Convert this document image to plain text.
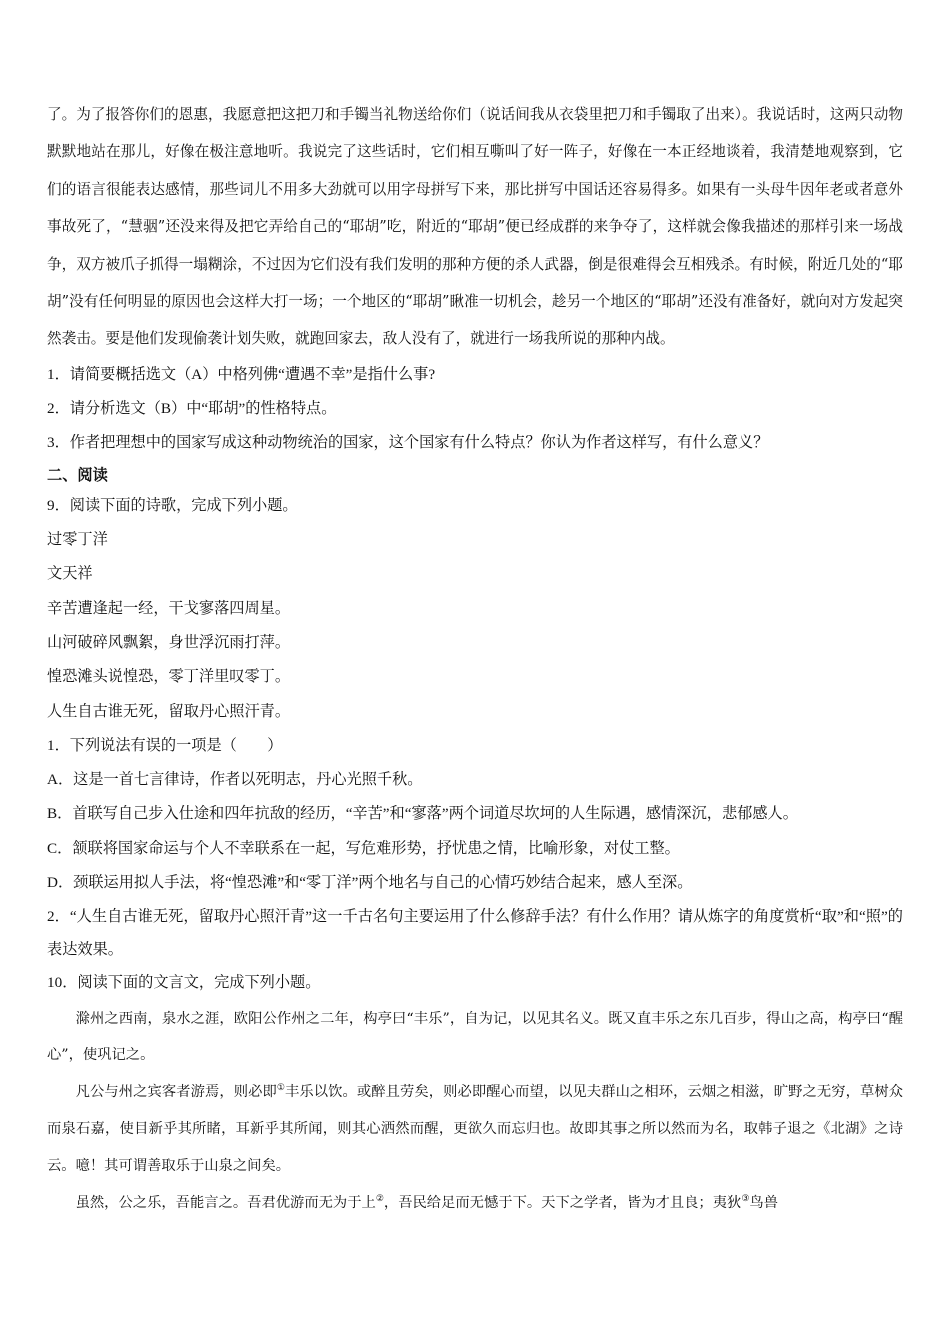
了。为了报答你们的恩惠，我愿意把这把刀和手镯当礼物送给你们（说话间我从衣袋里把刀和手镯取了出来）。我说话时，这两只动物默默地站在那儿，好像在极注意地听。我说完了这些话时，它们相互嘶叫了好一阵子，好像在一本正经地谈着，我清楚地观察到，它们的语言很能表达感情，那些词儿不用多大劲就可以用字母拼写下来，那比拼写中国话还容易得多。如果有一头母牛因年老或者意外事故死了，“慧骃”还没来得及把它弄给自己的“耶胡”吃，附近的“耶胡”便已经成群的来争夺了，这样就会像我描述的那样引来一场战争，双方被爪子抓得一塌糊涂，不过因为它们没有我们发明的那种方便的杀人武器，倒是很难得会互相残杀。有时候，附近几处的“耶胡”没有任何明显的原因也会这样大打一场；一个地区的“耶胡”瞅准一切机会，趁另一个地区的“耶胡”还没有准备好，就向对方发起突然袭击。要是他们发现偷袭计划失败，就跑回家去，敌人没有了，就进行一场我所说的那种内战。

1．请简要概括选文（A）中格列佛“遭遇不幸”是指什么事?
2．请分析选文（B）中“耶胡”的性格特点。
3．作者把理想中的国家写成这种动物统治的国家，这个国家有什么特点？你认为作者这样写，有什么意义？
二、阅读
9．阅读下面的诗歌，完成下列小题。
过零丁洋
文天祥
辛苦遭逢起一经，干戈寥落四周星。
山河破碎风飘絮，身世浮沉雨打萍。
惶恐滩头说惶恐，零丁洋里叹零丁。
人生自古谁无死，留取丹心照汗青。
1．下列说法有误的一项是（　　）
A．这是一首七言律诗，作者以死明志，丹心光照千秋。
B．首联写自己步入仕途和四年抗敌的经历，“辛苦”和“寥落”两个词道尽坎坷的人生际遇，感情深沉，悲郁感人。
C．颔联将国家命运与个人不幸联系在一起，写危难形势，抒忧患之情，比喻形象，对仗工整。
D．颈联运用拟人手法，将“惶恐滩”和“零丁洋”两个地名与自己的心情巧妙结合起来，感人至深。
2．“人生自古谁无死，留取丹心照汗青”这一千古名句主要运用了什么修辞手法？有什么作用？请从炼字的角度赏析“取”和“照”的表达效果。
10．阅读下面的文言文，完成下列小题。

滁州之西南，泉水之涯，欧阳公作州之二年，构亭曰“丰乐”，自为记，以见其名义。既又直丰乐之东几百步，得山之高，构亭曰“醒心”，使巩记之。

凡公与州之宾客者游焉，则必即①丰乐以饮。或醉且劳矣，则必即醒心而望，以见夫群山之相环，云烟之相滋，旷野之无穷，草树众而泉石嘉，使目新乎其所睹，耳新乎其所闻，则其心洒然而醒，更欲久而忘归也。故即其事之所以然而为名，取韩子退之《北湖》之诗云。噫！其可谓善取乐于山泉之间矣。

虽然，公之乐，吾能言之。吾君优游而无为于上②，吾民给足而无憾于下。天下之学者，皆为才且良；夷狄③鸟兽
